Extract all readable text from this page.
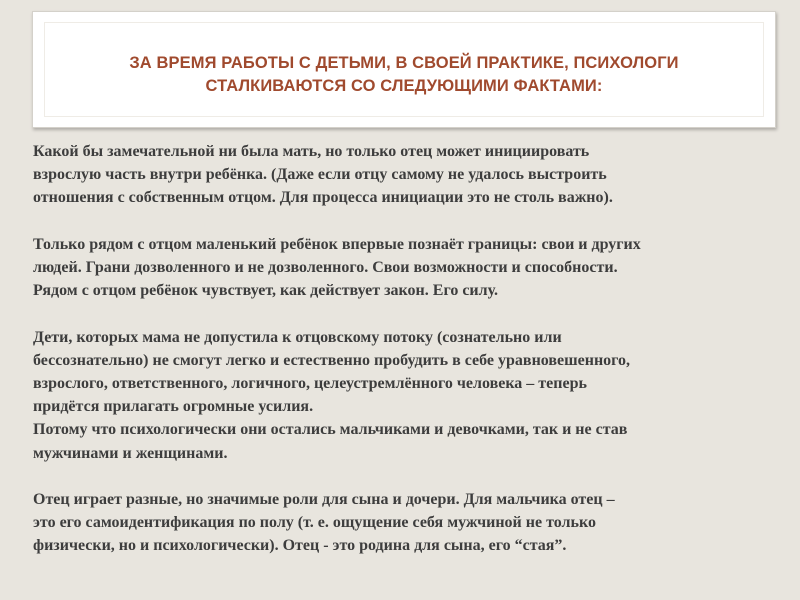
ЗА ВРЕМЯ РАБОТЫ С ДЕТЬМИ, В СВОЕЙ ПРАКТИКЕ, ПСИХОЛОГИ
СТАЛКИВАЮТСЯ СО СЛЕДУЮЩИМИ ФАКТАМИ:
Какой бы замечательной ни была мать, но только отец может инициировать
взрослую часть внутри ребёнка. (Даже если отцу самому не удалось выстроить
отношения с собственным отцом. Для процесса инициации это не столь важно).
Только рядом с отцом маленький ребёнок впервые познаёт границы: свои и других
людей. Грани дозволенного и не дозволенного. Свои возможности и способности.
Рядом с отцом ребёнок чувствует, как действует закон. Его силу.
Дети, которых мама не допустила к отцовскому потоку (сознательно или
бессознательно) не смогут легко и естественно пробудить в себе уравновешенного,
взрослого, ответственного, логичного, целеустремлённого человека – теперь
придётся прилагать огромные усилия.
Потому что психологически они остались мальчиками и девочками, так и не став
мужчинами и женщинами.
Отец играет разные, но значимые роли для сына и дочери. Для мальчика отец –
это его самоидентификация по полу (т. е. ощущение себя мужчиной не только
физически, но и психологически). Отец - это родина для сына, его “стая”.
